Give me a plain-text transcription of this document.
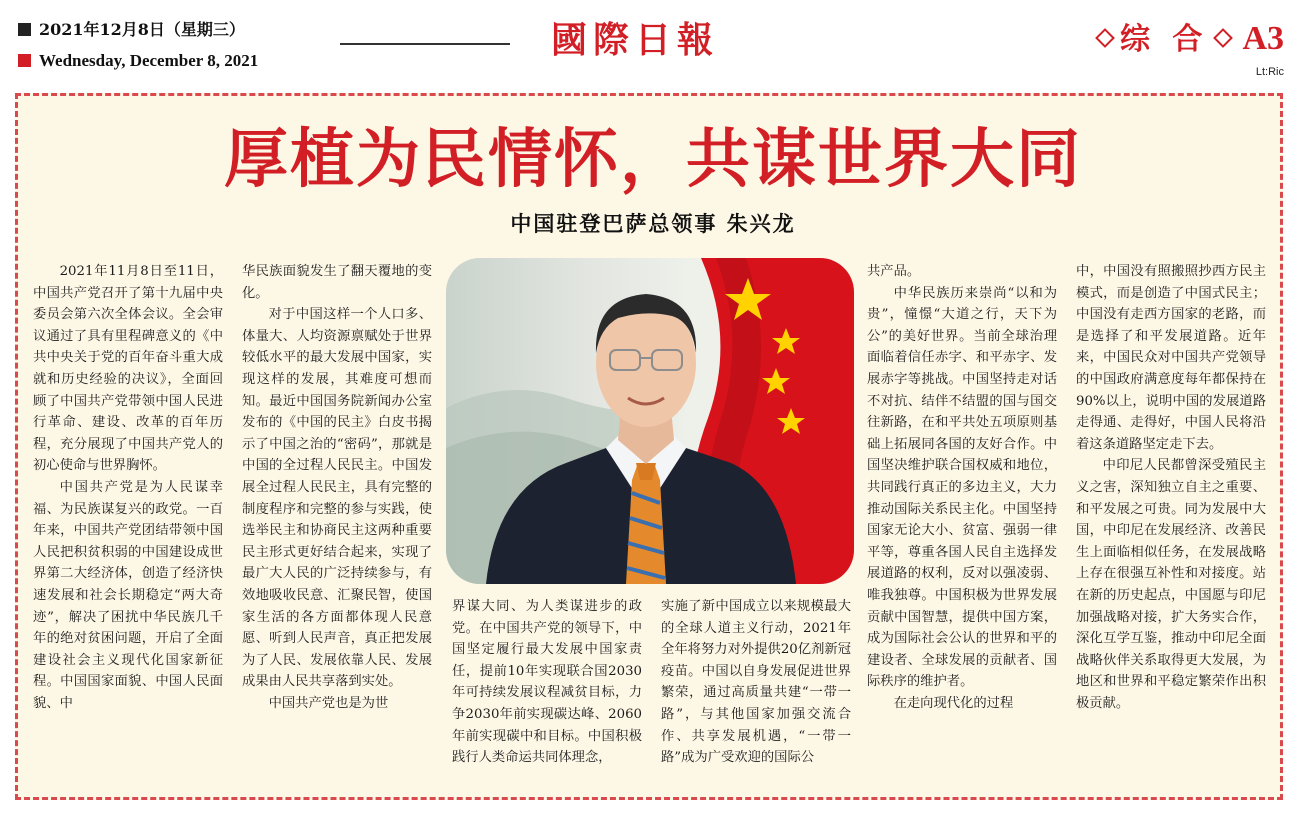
2021年12月8日（星期三）
Wednesday, December 8, 2021	國際日報	综 合 A3
Lt:Ric
厚植为民情怀，共谋世界大同
中国驻登巴萨总领事 朱兴龙

2021年11月8日至11日，中国共产党召开了第十九届中央委员会第六次全体会议。全会审议通过了具有里程碑意义的《中共中央关于党的百年奋斗重大成就和历史经验的决议》，全面回顾了中国共产党带领中国人民进行革命、建设、改革的百年历程，充分展现了中国共产党人的初心使命与世界胸怀。

中国共产党是为人民谋幸福、为民族谋复兴的政党。一百年来，中国共产党团结带领中国人民把积贫积弱的中国建设成世界第二大经济体，创造了经济快速发展和社会长期稳定“两大奇迹”，解决了困扰中华民族几千年的绝对贫困问题，开启了全面建设社会主义现代化国家新征程。中国国家面貌、中国人民面貌、中

华民族面貌发生了翻天覆地的变化。

对于中国这样一个人口多、体量大、人均资源禀赋处于世界较低水平的最大发展中国家，实现这样的发展，其难度可想而知。最近中国国务院新闻办公室发布的《中国的民主》白皮书揭示了中国之治的“密码”，那就是中国的全过程人民民主。中国发展全过程人民民主，具有完整的制度程序和完整的参与实践，使选举民主和协商民主这两种重要民主形式更好结合起来，实现了最广大人民的广泛持续参与，有效地吸收民意、汇聚民智，使国家生活的各方面都体现人民意愿、听到人民声音，真正把发展为了人民、发展依靠人民、发展成果由人民共享落到实处。

中国共产党也是为世

界谋大同、为人类谋进步的政党。在中国共产党的领导下，中国坚定履行最大发展中国家责任，提前10年实现联合国2030年可持续发展议程减贫目标，力争2030年前实现碳达峰、2060年前实现碳中和目标。中国积极践行人类命运共同体理念，

实施了新中国成立以来规模最大的全球人道主义行动，2021年全年将努力对外提供20亿剂新冠疫苗。中国以自身发展促进世界繁荣，通过高质量共建“一带一路”，与其他国家加强交流合作、共享发展机遇，“一带一路”成为广受欢迎的国际公

共产品。

中华民族历来崇尚“以和为贵”，憧憬“大道之行，天下为公”的美好世界。当前全球治理面临着信任赤字、和平赤字、发展赤字等挑战。中国坚持走对话不对抗、结伴不结盟的国与国交往新路，在和平共处五项原则基础上拓展同各国的友好合作。中国坚决维护联合国权威和地位，共同践行真正的多边主义，大力推动国际关系民主化。中国坚持国家无论大小、贫富、强弱一律平等，尊重各国人民自主选择发展道路的权利，反对以强凌弱、唯我独尊。中国积极为世界发展贡献中国智慧，提供中国方案，成为国际社会公认的世界和平的建设者、全球发展的贡献者、国际秩序的维护者。

在走向现代化的过程

中，中国没有照搬照抄西方民主模式，而是创造了中国式民主；中国没有走西方国家的老路，而是选择了和平发展道路。近年来，中国民众对中国共产党领导的中国政府满意度每年都保持在90%以上，说明中国的发展道路走得通、走得好，中国人民将沿着这条道路坚定走下去。

中印尼人民都曾深受殖民主义之害，深知独立自主之重要、和平发展之可贵。同为发展中大国，中印尼在发展经济、改善民生上面临相似任务，在发展战略上存在很强互补性和对接度。站在新的历史起点，中国愿与印尼加强战略对接，扩大务实合作，深化互学互鉴，推动中印尼全面战略伙伴关系取得更大发展，为地区和世界和平稳定繁荣作出积极贡献。
